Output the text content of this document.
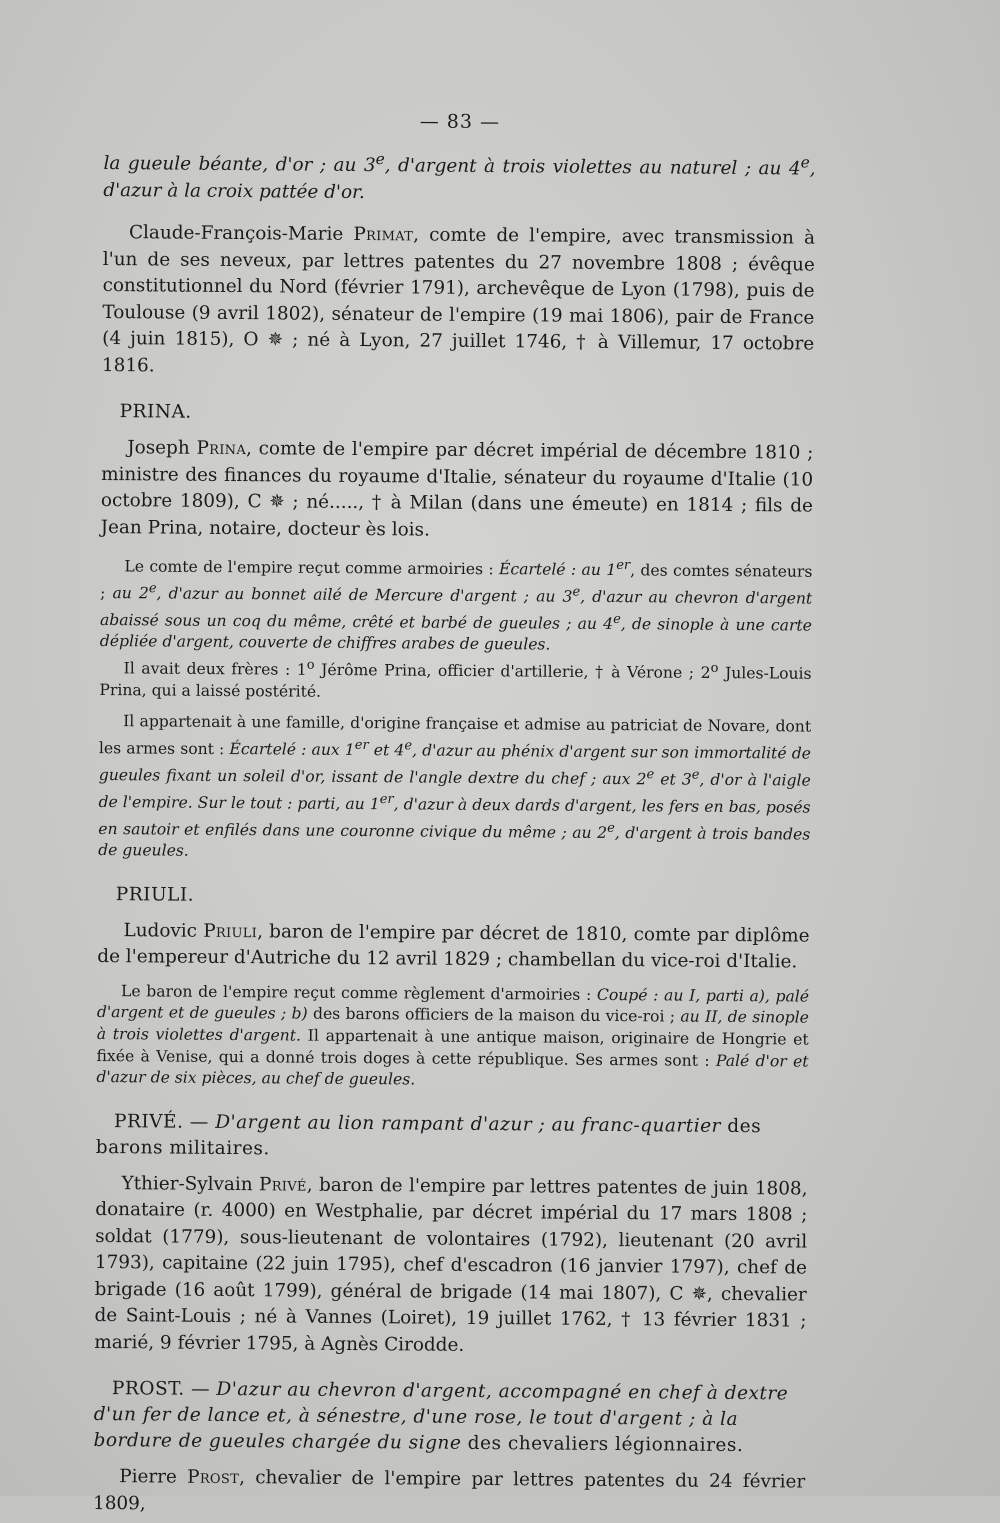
— 83 —

la gueule béante, d'or ; au 3e, d'argent à trois violettes au naturel ; au 4e, d'azur à la croix pattée d'or.

Claude-François-Marie Primat, comte de l'empire, avec transmission à l'un de ses neveux, par lettres patentes du 27 novembre 1808 ; évêque constitutionnel du Nord (février 1791), archevêque de Lyon (1798), puis de Toulouse (9 avril 1802), sénateur de l'empire (19 mai 1806), pair de France (4 juin 1815), O ✵ ; né à Lyon, 27 juillet 1746, † à Villemur, 17 octobre 1816.

PRINA.

Joseph Prina, comte de l'empire par décret impérial de décembre 1810 ; ministre des finances du royaume d'Italie, sénateur du royaume d'Italie (10 octobre 1809), C ✵ ; né....., † à Milan (dans une émeute) en 1814 ; fils de Jean Prina, notaire, docteur ès lois.

Le comte de l'empire reçut comme armoiries : Écartelé : au 1er, des comtes sénateurs ; au 2e, d'azur au bonnet ailé de Mercure d'argent ; au 3e, d'azur au chevron d'argent abaissé sous un coq du même, crêté et barbé de gueules ; au 4e, de sinople à une carte dépliée d'argent, couverte de chiffres arabes de gueules.

Il avait deux frères : 1$^o$ Jérôme Prina, officier d'artillerie, † à Vérone ; 2$^o$ Jules-Louis Prina, qui a laissé postérité.

Il appartenait à une famille, d'origine française et admise au patriciat de Novare, dont les armes sont : Écartelé : aux 1er et 4e, d'azur au phénix d'argent sur son immortalité de gueules fixant un soleil d'or, issant de l'angle dextre du chef ; aux 2e et 3e, d'or à l'aigle de l'empire. Sur le tout : parti, au 1er, d'azur à deux dards d'argent, les fers en bas, posés en sautoir et enfilés dans une couronne civique du même ; au 2e, d'argent à trois bandes de gueules.

PRIULI.

Ludovic Priuli, baron de l'empire par décret de 1810, comte par diplôme de l'empereur d'Autriche du 12 avril 1829 ; chambellan du vice-roi d'Italie.

Le baron de l'empire reçut comme règlement d'armoiries : Coupé : au I, parti a), palé d'argent et de gueules ; b) des barons officiers de la maison du vice-roi ; au II, de sinople à trois violettes d'argent. Il appartenait à une antique maison, originaire de Hongrie et fixée à Venise, qui a donné trois doges à cette république. Ses armes sont : Palé d'or et d'azur de six pièces, au chef de gueules.

PRIVÉ. — D'argent au lion rampant d'azur ; au franc-quartier des barons militaires.

Ythier-Sylvain Privé, baron de l'empire par lettres patentes de juin 1808, donataire (r. 4000) en Westphalie, par décret impérial du 17 mars 1808 ; soldat (1779), sous-lieutenant de volontaires (1792), lieutenant (20 avril 1793), capitaine (22 juin 1795), chef d'escadron (16 janvier 1797), chef de brigade (16 août 1799), général de brigade (14 mai 1807), C ✵, chevalier de Saint-Louis ; né à Vannes (Loiret), 19 juillet 1762, † 13 février 1831 ; marié, 9 février 1795, à Agnès Cirodde.

PROST. — D'azur au chevron d'argent, accompagné en chef à dextre d'un fer de lance et, à sénestre, d'une rose, le tout d'argent ; à la bordure de gueules chargée du signe des chevaliers légionnaires.

Pierre Prost, chevalier de l'empire par lettres patentes du 24 février 1809,
